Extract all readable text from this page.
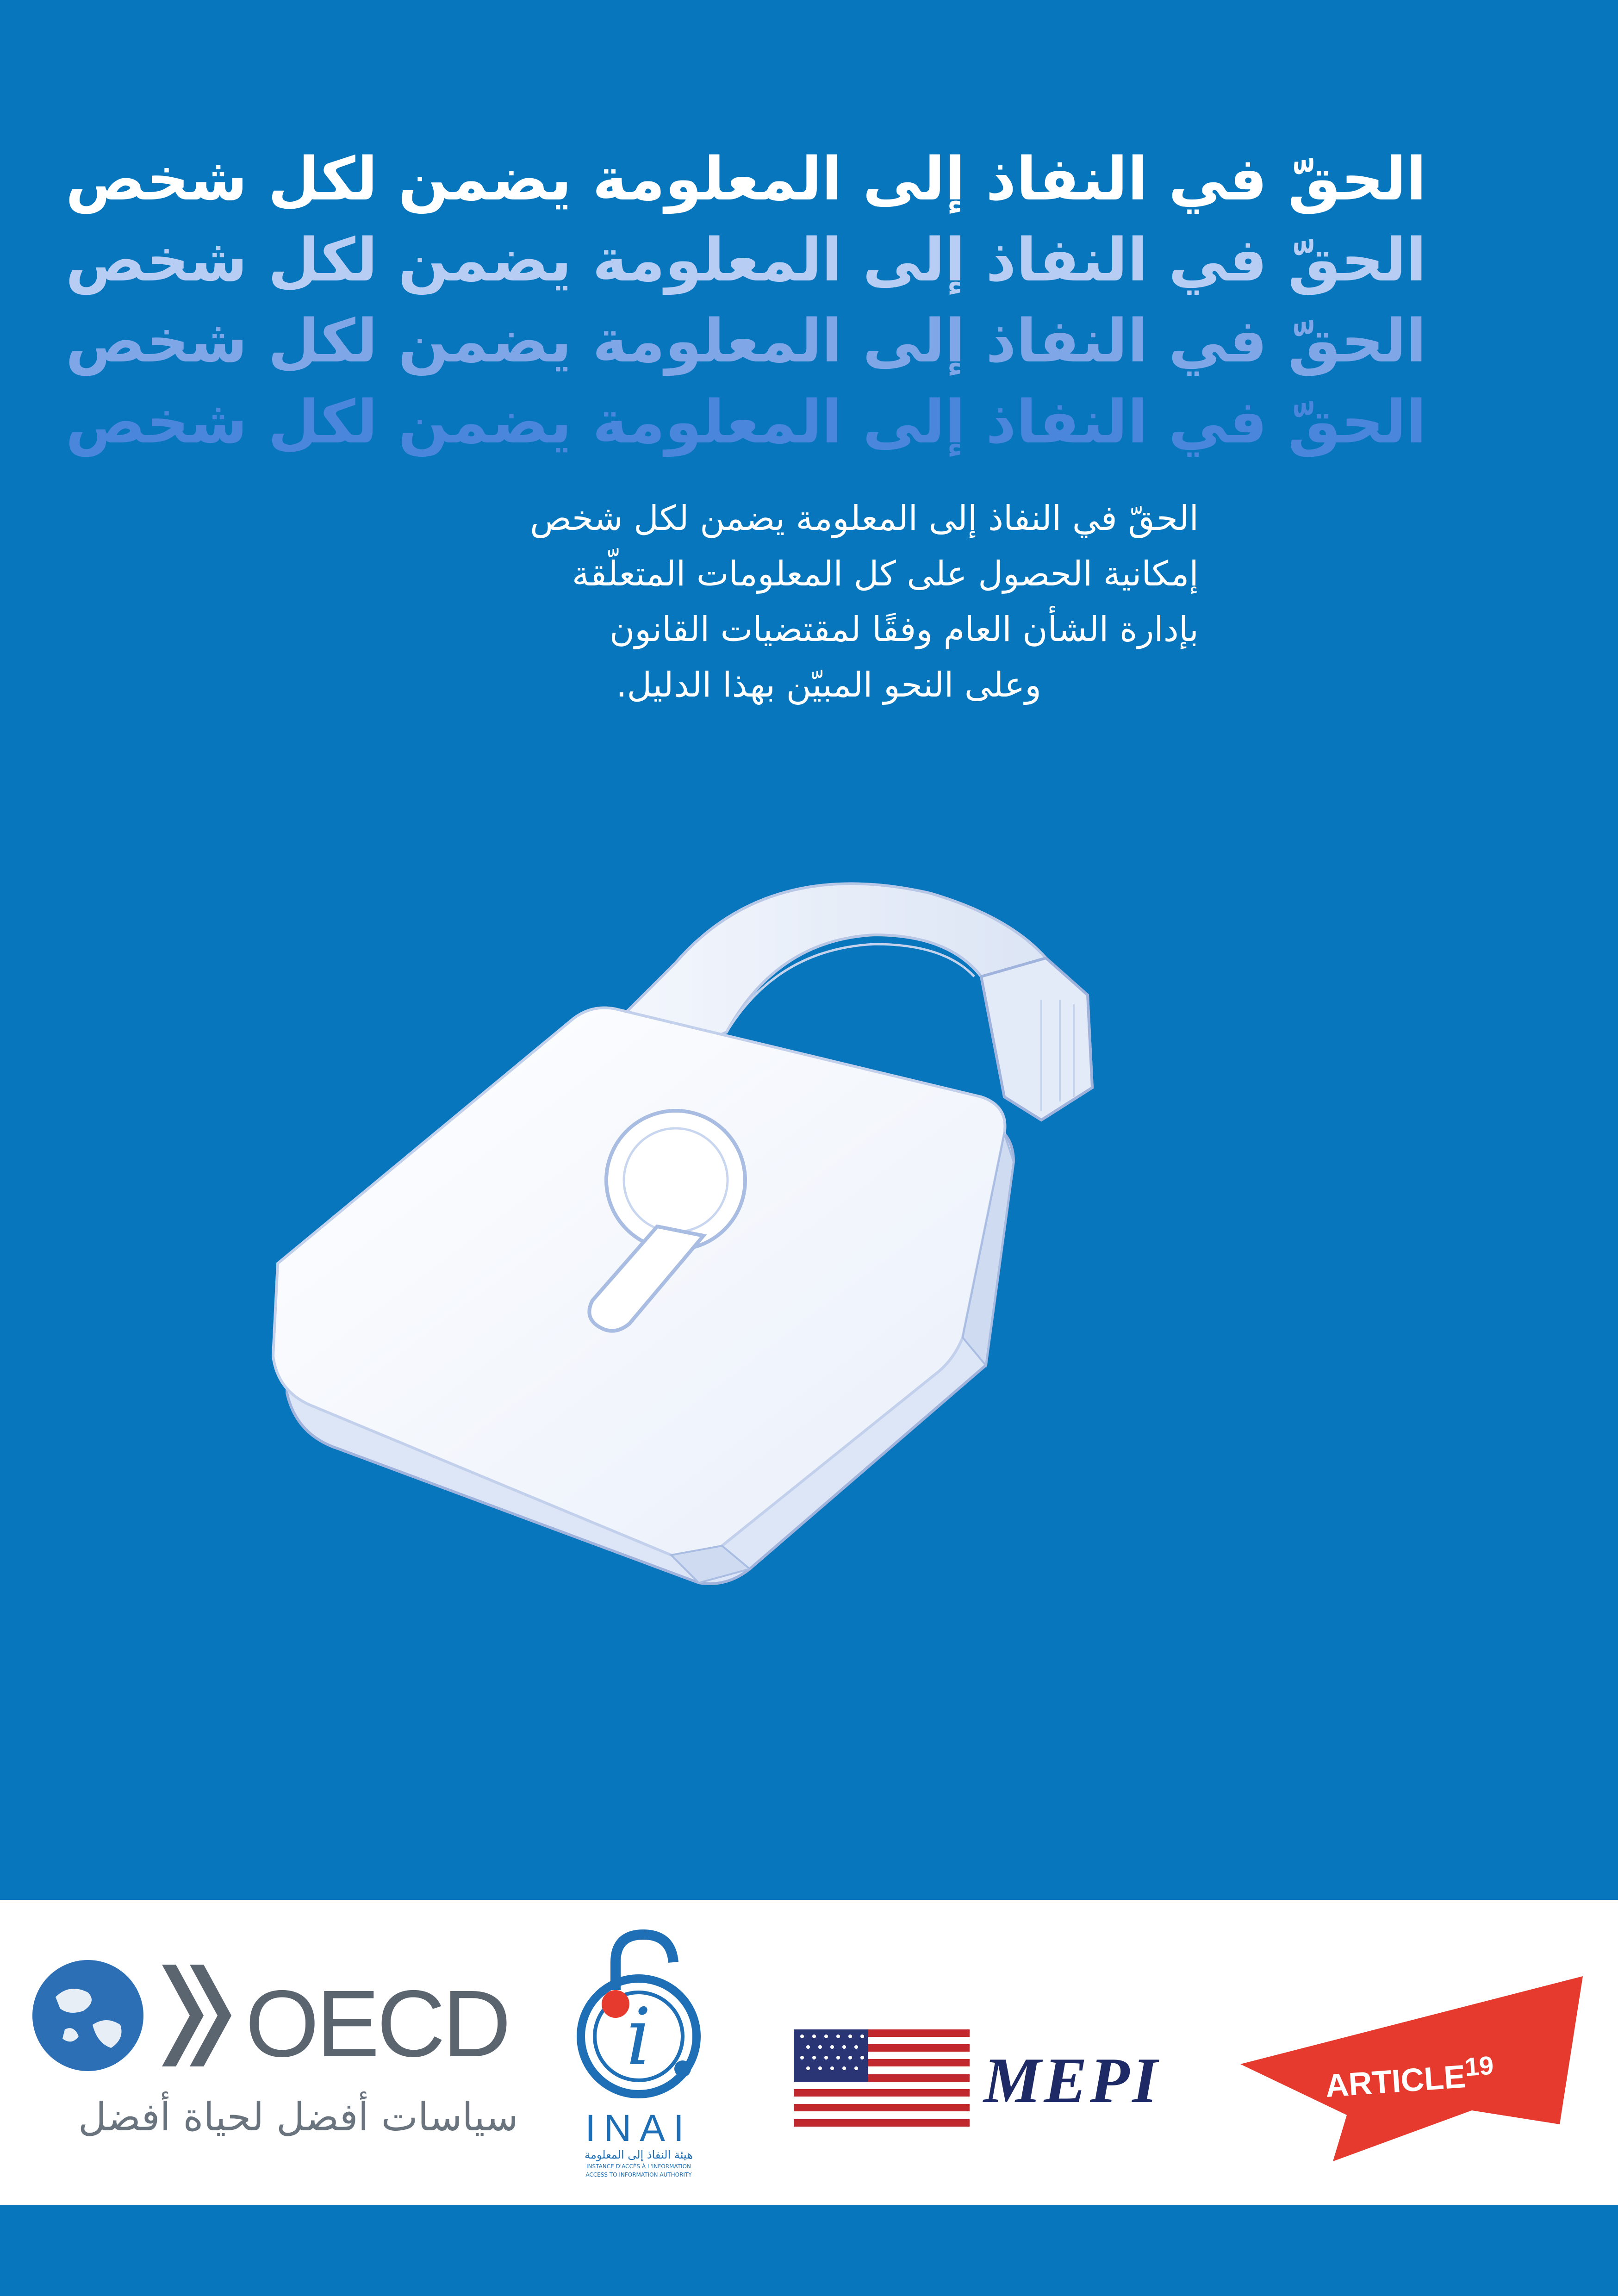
الحقّ في النفاذ إلى المعلومة يضمن لكل شخص
الحقّ في النفاذ إلى المعلومة يضمن لكل شخص
الحقّ في النفاذ إلى المعلومة يضمن لكل شخص
الحقّ في النفاذ إلى المعلومة يضمن لكل شخص
الحقّ في النفاذ إلى المعلومة يضمن لكل شخص
إمكانية الحصول على كل المعلومات المتعلّقة
بإدارة الشأن العام وفقًا لمقتضيات القانون
وعلى النحو المبيّن بهذا الدليل.
OECD
سياسات أفضل لحياة أفضل
i
INAI
هيئة النفاذ إلى المعلومة
INSTANCE D'ACCÈS À L'INFORMATION
ACCESS TO INFORMATION AUTHORITY
MEPI	ARTICLE$^{19}$
